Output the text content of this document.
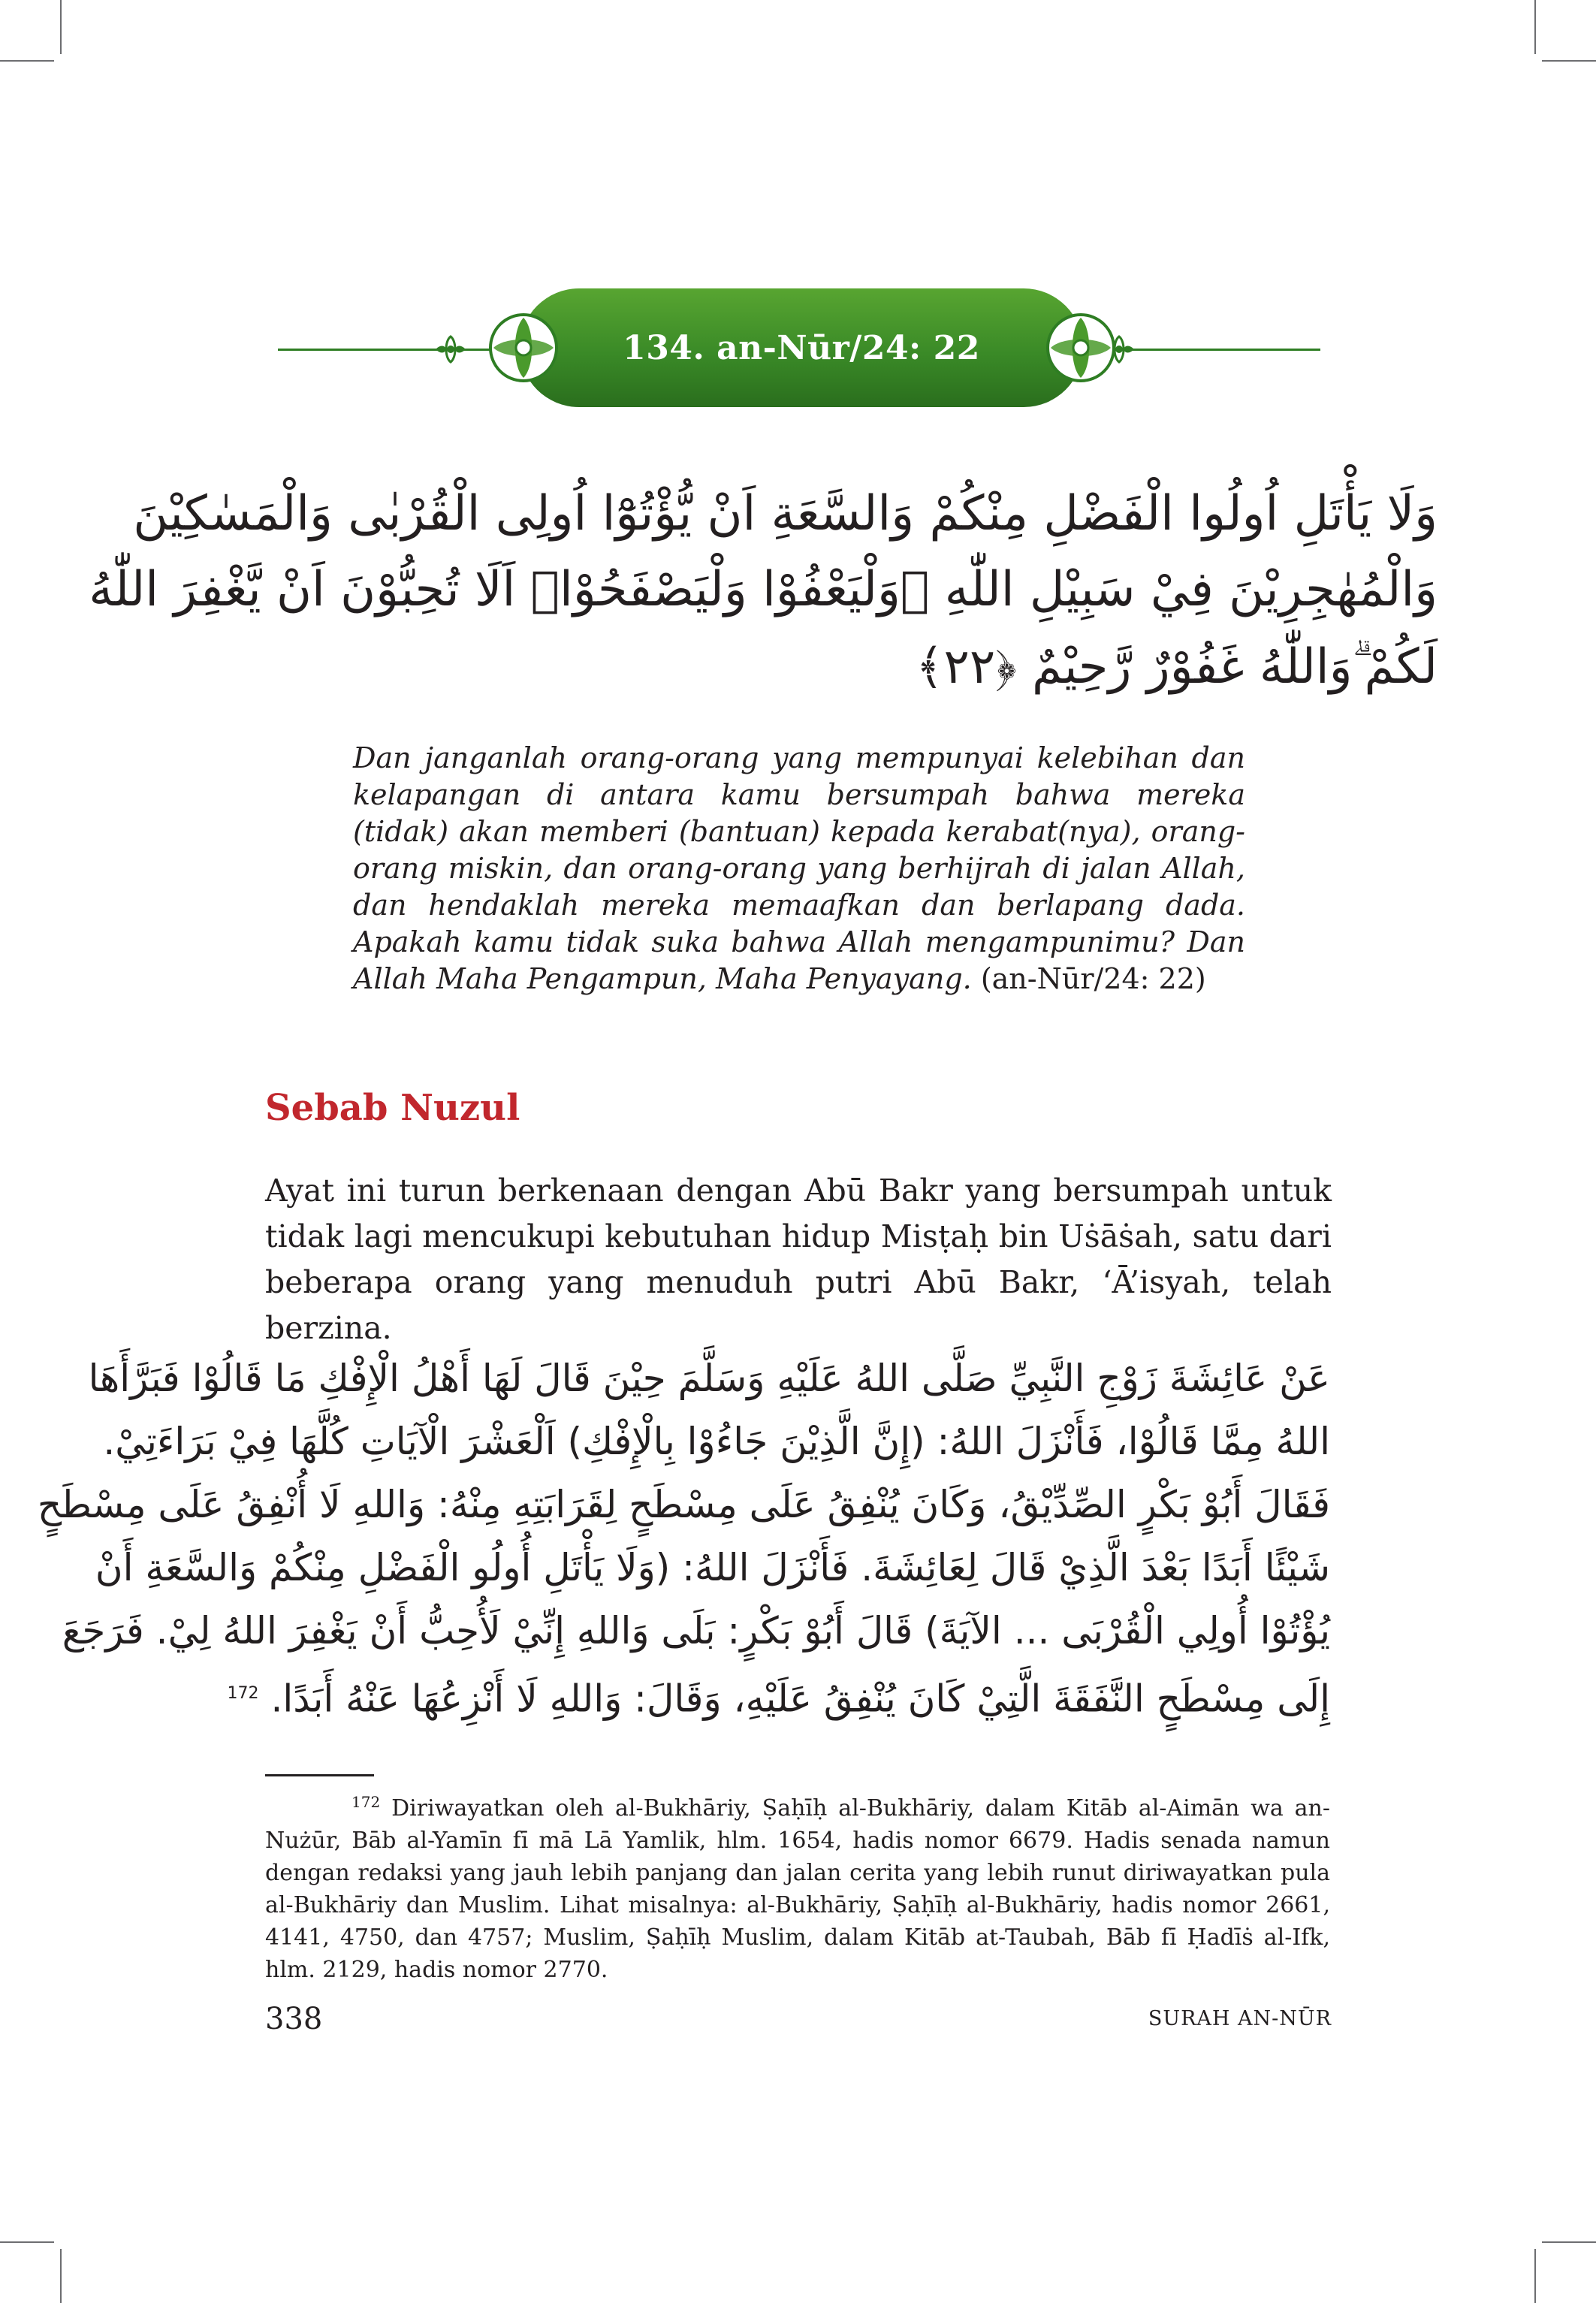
134. an-Nūr/24: 22
وَلَا يَأْتَلِ اُولُوا الْفَضْلِ مِنْكُمْ وَالسَّعَةِ اَنْ يُّؤْتُوْٓا اُولِى الْقُرْبٰى وَالْمَسٰكِيْنَ
وَالْمُهٰجِرِيْنَ فِيْ سَبِيْلِ اللّٰهِ ۖوَلْيَعْفُوْا وَلْيَصْفَحُوْاۗ اَلَا تُحِبُّوْنَ اَنْ يَّغْفِرَ اللّٰهُ
لَكُمْ ۗوَاللّٰهُ غَفُوْرٌ رَّحِيْمٌ ﴿٢٢﴾
Dan janganlah orang-orang yang mempunyai kelebihan dan kelapangan di antara kamu bersumpah bahwa mereka (tidak) akan memberi (bantuan) kepada kerabat(nya), orang-orang miskin, dan orang-orang yang berhijrah di jalan Allah, dan hendaklah mereka memaafkan dan berlapang dada. Apakah kamu tidak suka bahwa Allah mengampunimu? Dan Allah Maha Pengampun, Maha Penyayang. (an-Nūr/24: 22)
Sebab Nuzul
Ayat ini turun berkenaan dengan Abū Bakr yang bersumpah untuk tidak lagi mencukupi kebutuhan hidup Misṭaḥ bin Uṡāṡah, satu dari beberapa orang yang menuduh putri Abū Bakr, ‘Ā’isyah, telah berzina.
عَنْ عَائِشَةَ زَوْجِ النَّبِيِّ صَلَّى اللهُ عَلَيْهِ وَسَلَّمَ حِيْنَ قَالَ لَهَا أَهْلُ الْإِفْكِ مَا قَالُوْا فَبَرَّأَهَا
اللهُ مِمَّا قَالُوْا، فَأَنْزَلَ اللهُ: (إِنَّ الَّذِيْنَ جَاءُوْا بِالْإِفْكِ) اَلْعَشْرَ الْآيَاتِ كُلَّهَا فِيْ بَرَاءَتِيْ.
فَقَالَ أَبُوْ بَكْرٍ الصِّدِّيْقُ، وَكَانَ يُنْفِقُ عَلَى مِسْطَحٍ لِقَرَابَتِهِ مِنْهُ: وَاللهِ لَا أُنْفِقُ عَلَى مِسْطَحٍ
شَيْئًا أَبَدًا بَعْدَ الَّذِيْ قَالَ لِعَائِشَةَ. فَأَنْزَلَ اللهُ: (وَلَا يَأْتَلِ أُولُو الْفَضْلِ مِنْكُمْ وَالسَّعَةِ أَنْ
يُؤْتُوْا أُولِي الْقُرْبَى ... الآيَةَ) قَالَ أَبُوْ بَكْرٍ: بَلَى وَاللهِ إِنِّيْ لَأُحِبُّ أَنْ يَغْفِرَ اللهُ لِيْ. فَرَجَعَ
إِلَى مِسْطَحٍ النَّفَقَةَ الَّتِيْ كَانَ يُنْفِقُ عَلَيْهِ، وَقَالَ: وَاللهِ لَا أَنْزِعُهَا عَنْهُ أَبَدًا. $^{172}$
$^{172}$ Diriwayatkan oleh al-Bukhāriy, Ṣaḥīḥ al-Bukhāriy, dalam Kitāb al-Aimān wa an-Nużūr, Bāb al-Yamīn fī mā Lā Yamlik, hlm. 1654, hadis nomor 6679. Hadis senada namun dengan redaksi yang jauh lebih panjang dan jalan cerita yang lebih runut diriwayatkan pula al-Bukhāriy dan Muslim. Lihat misalnya: al-Bukhāriy, Ṣaḥīḥ al-Bukhāriy, hadis nomor 2661, 4141, 4750, dan 4757; Muslim, Ṣaḥīḥ Muslim, dalam Kitāb at-Taubah, Bāb fī Ḥadīṡ al-Ifk, hlm. 2129, hadis nomor 2770.
338	SURAH AN-NŪR
